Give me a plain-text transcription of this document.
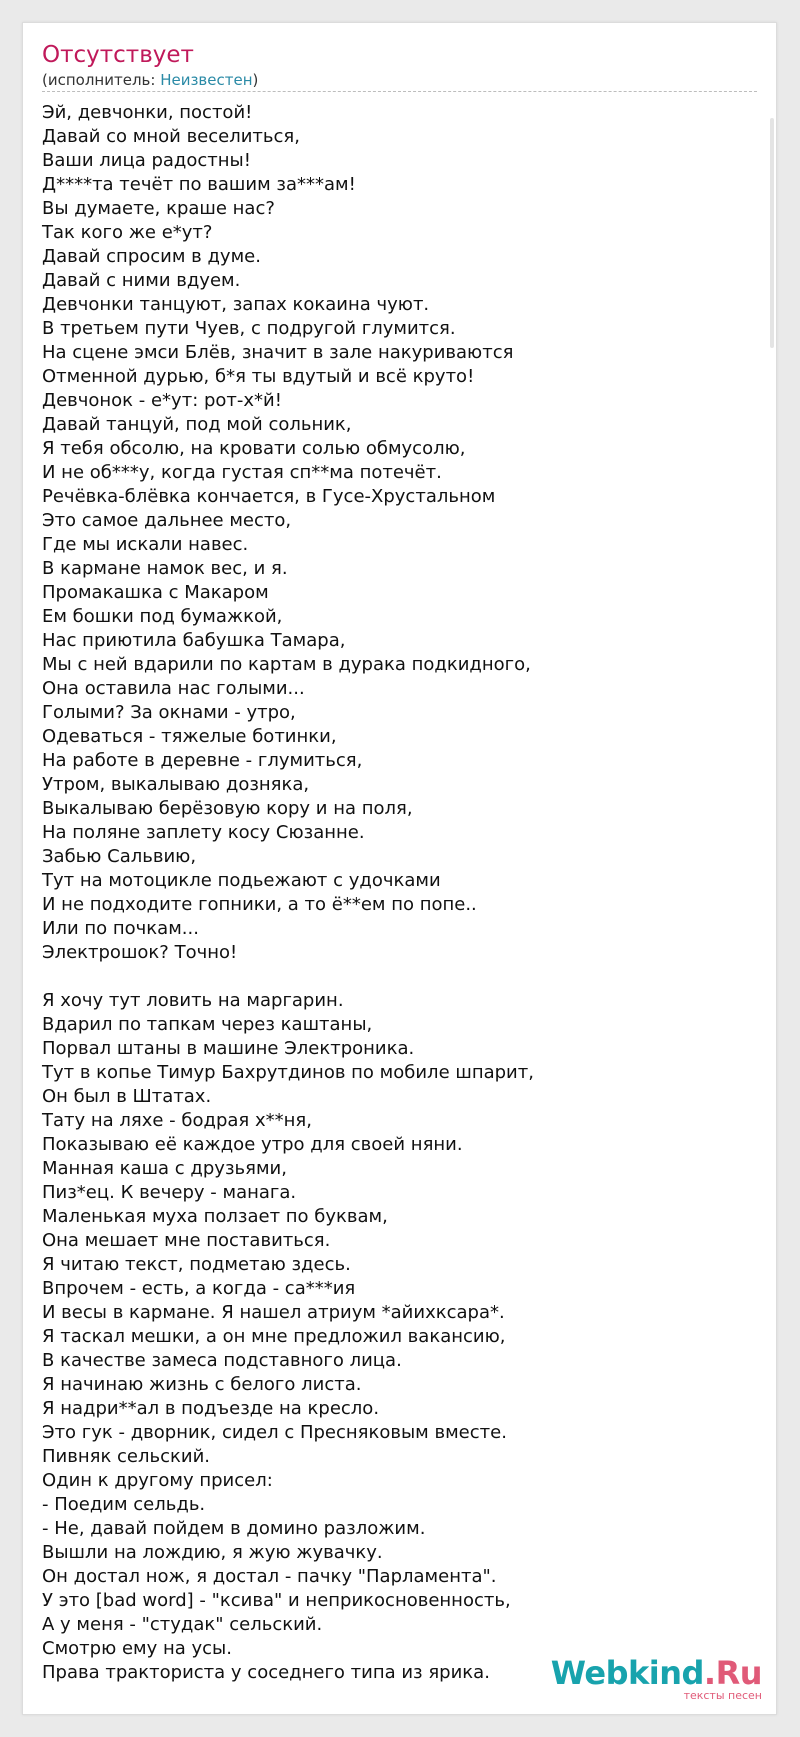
Отсутствует
(исполнитель: Неизвестен)
Эй, девчонки, постой!
Давай со мной веселиться,
Ваши лица радостны!
Д****та течёт по вашим за***ам!
Вы думаете, краше нас?
Так кого же е*ут?
Давай спросим в думе.
Давай с ними вдуем.
Девчонки танцуют, запах кокаина чуют.
В третьем пути Чуев, с подругой глумится.
На сцене эмси Блёв, значит в зале накуриваются
Отменной дурью, б*я ты вдутый и всё круто!
Девчонок - е*ут: рот-х*й!
Давай танцуй, под мой сольник,
Я тебя обсолю, на кровати солью обмусолю,
И не об***у, когда густая сп**ма потечёт.
Речёвка-блёвка кончается, в Гусе-Хрустальном
Это самое дальнее место,
Где мы искали навес.
В кармане намок вес, и я.
Промакашка с Макаром
Ем бошки под бумажкой,
Нас приютила бабушка Тамара,
Мы с ней вдарили по картам в дурака подкидного,
Она оставила нас голыми...
Голыми? За окнами - утро,
Одеваться - тяжелые ботинки,
На работе в деревне - глумиться,
Утром, выкалываю дозняка,
Выкалываю берёзовую кору и на поля,
На поляне заплету косу Сюзанне.
Забью Сальвию,
Тут на мотоцикле подьежают с удочками
И не подходите гопники, а то ё**ем по попе..
Или по почкам...
Электрошок? Точно!
Я хочу тут ловить на маргарин.
Вдарил по тапкам через каштаны,
Порвал штаны в машине Электроника.
Тут в копье Тимур Бахрутдинов по мобиле шпарит,
Он был в Штатах.
Тату на ляхе - бодрая х**ня,
Показываю её каждое утро для своей няни.
Манная каша с друзьями,
Пиз*ец. К вечеру - манага.
Маленькая муха ползает по буквам,
Она мешает мне поставиться.
Я читаю текст, подметаю здесь.
Впрочем - есть, а когда - са***ия
И весы в кармане. Я нашел атриум *айихксара*.
Я таскал мешки, а он мне предложил вакансию,
В качестве замеса подставного лица.
Я начинаю жизнь с белого листа.
Я надри**ал в подъезде на кресло.
Это гук - дворник, сидел с Пресняковым вместе.
Пивняк сельский.
Один к другому присел:
- Поедим сельдь.
- Не, давай пойдем в домино разложим.
Вышли на лождию, я жую жувачку.
Он достал нож, я достал - пачку "Парламента".
У это [bad word] - "ксива" и неприкосновенность,
А у меня - "студак" сельский.
Смотрю ему на усы.
Права тракториста у соседнего типа из ярика.	Webkind.Ru
тексты песен
